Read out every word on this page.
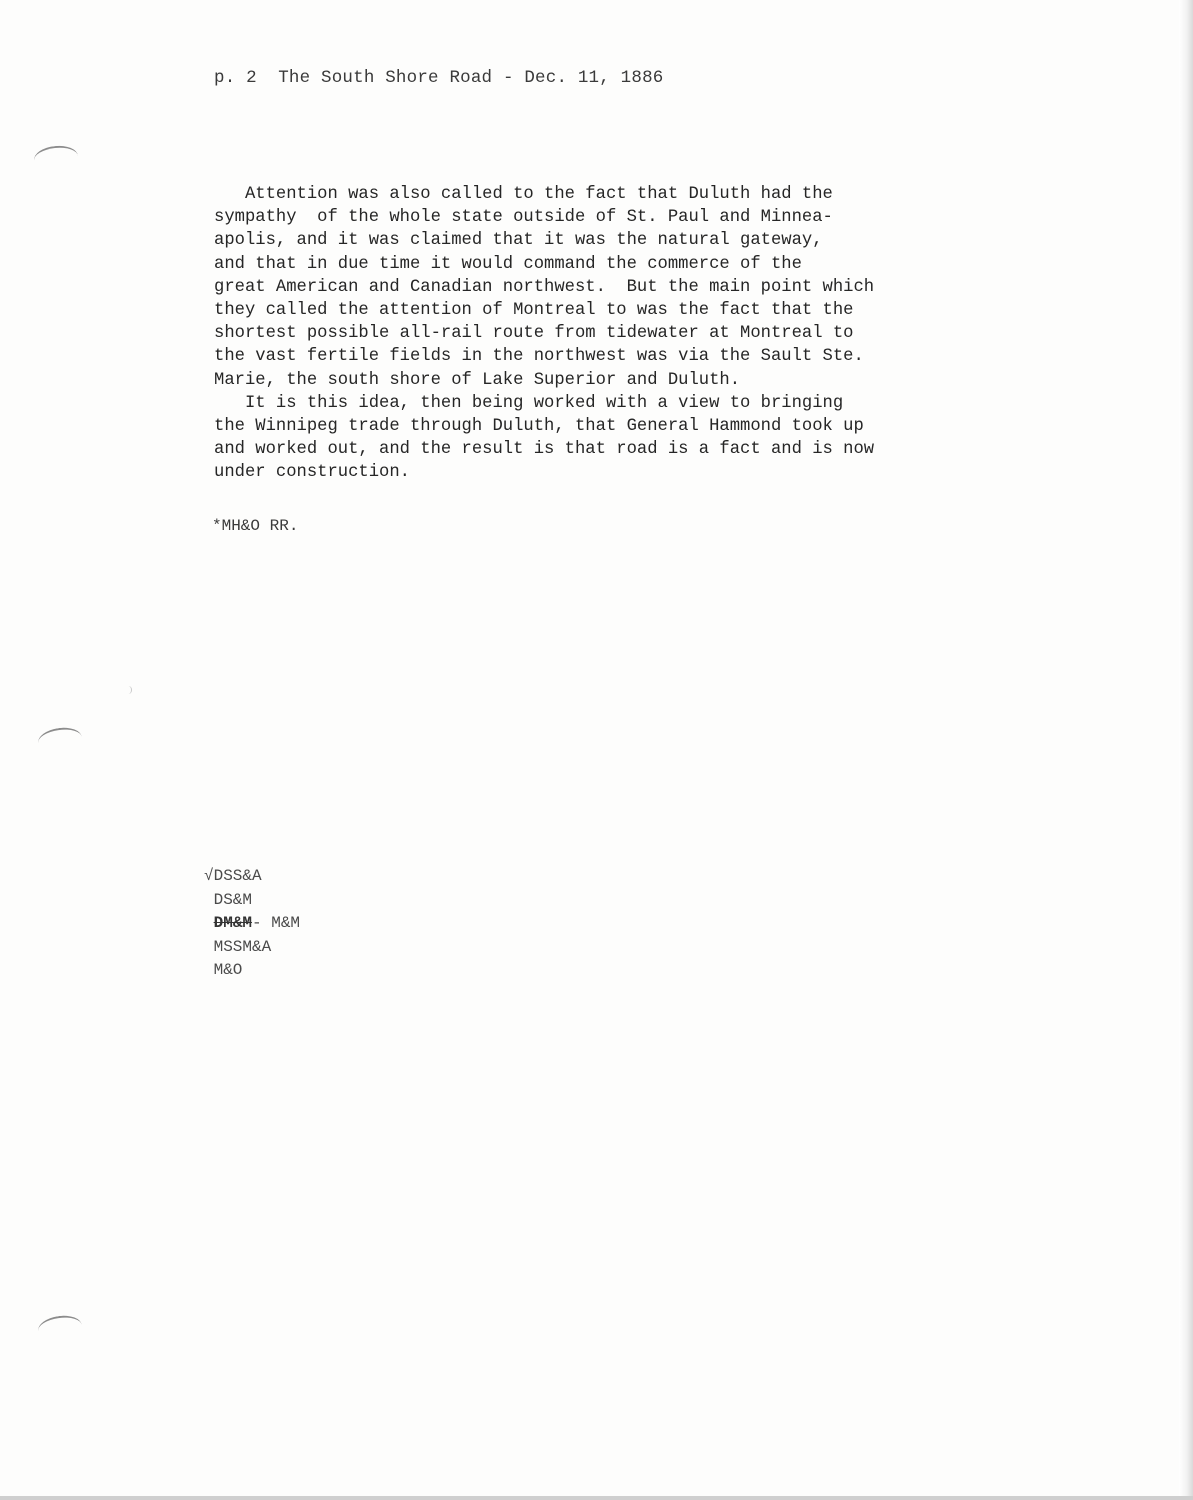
p. 2  The South Shore Road - Dec. 11, 1886
Attention was also called to the fact that Duluth had the
sympathy  of the whole state outside of St. Paul and Minnea-
apolis, and it was claimed that it was the natural gateway,
and that in due time it would command the commerce of the
great American and Canadian northwest.  But the main point which
they called the attention of Montreal to was the fact that the
shortest possible all-rail route from tidewater at Montreal to
the vast fertile fields in the northwest was via the Sault Ste.
Marie, the south shore of Lake Superior and Duluth.
It is this idea, then being worked with a view to bringing
the Winnipeg trade through Duluth, that General Hammond took up
and worked out, and the result is that road is a fact and is now
under construction.
*MH&O RR.
√DSS&A
DS&M
DM&M- M&M
MSSM&A
M&O
